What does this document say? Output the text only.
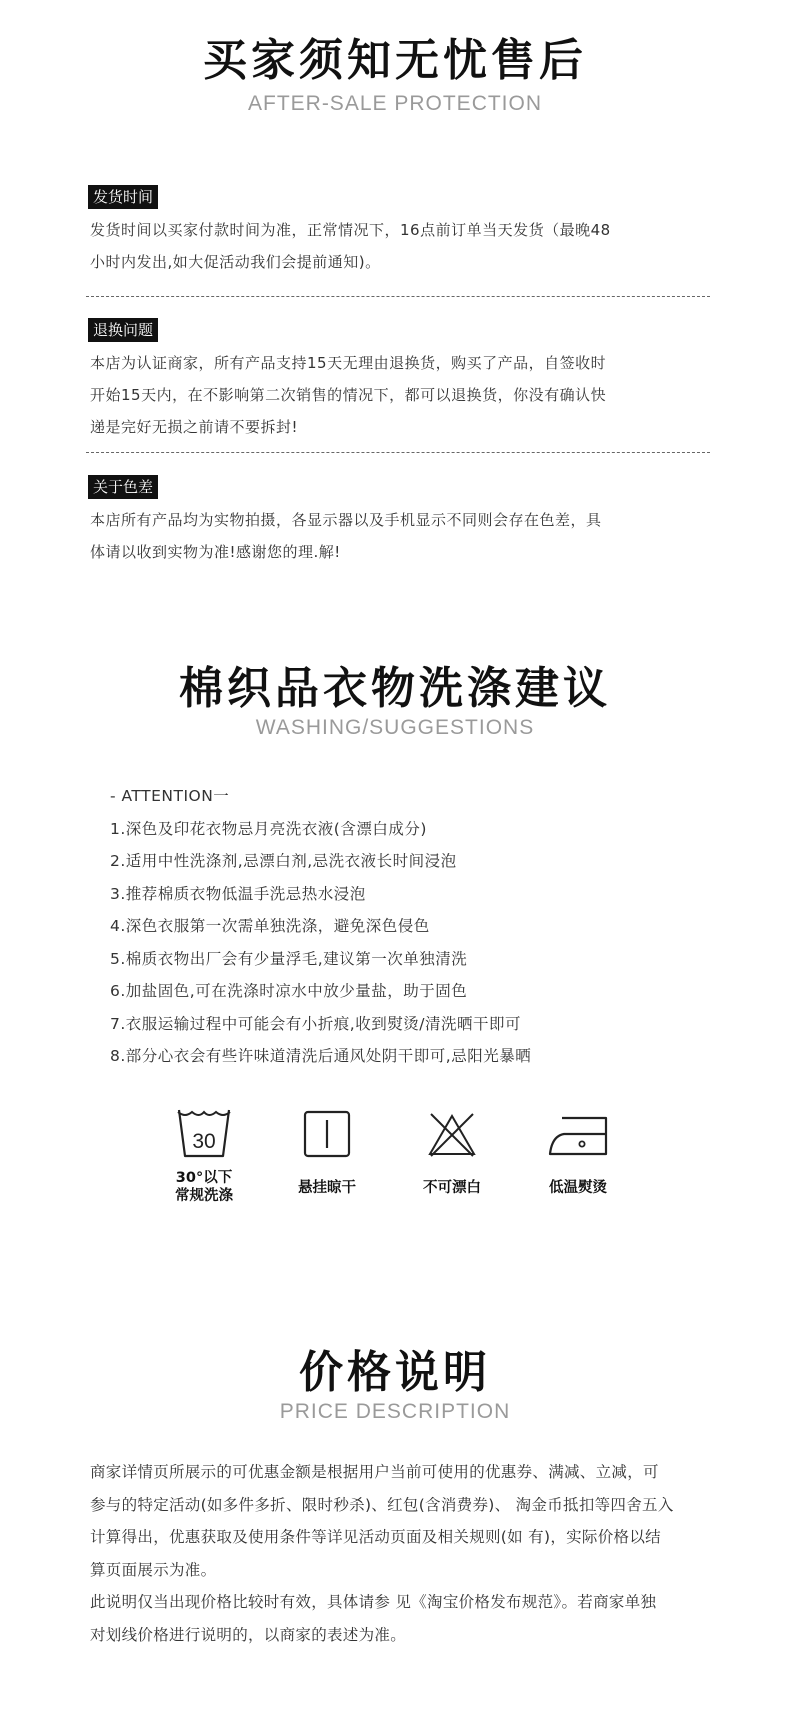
买家须知无忧售后
AFTER-SALE PROTECTION
发货时间
发货时间以买家付款时间为准，正常情况下，16点前订单当天发货（最晚48
小时内发出,如大促活动我们会提前通知)。
退换问题
本店为认证商家，所有产品支持15天无理由退换货，购买了产品，自签收时
开始15天内，在不影响第二次销售的情况下，都可以退换货，你没有确认快
递是完好无损之前请不要拆封!
关于色差
本店所有产品均为实物拍摄，各显示器以及手机显示不同则会存在色差，具
体请以收到实物为准!感谢您的理.解!
棉织品衣物洗涤建议
WASHING/SUGGESTIONS
- ATTENTION一
1.深色及印花衣物忌月亮洗衣液(含漂白成分)
2.适用中性洗涤剂,忌漂白剂,忌洗衣液长时间浸泡
3.推荐棉质衣物低温手洗忌热水浸泡
4.深色衣服第一次需单独洗涤，避免深色侵色
5.棉质衣物出厂会有少量浮毛,建议第一次单独清洗
6.加盐固色,可在洗涤时凉水中放少量盐，助于固色
7.衣服运输过程中可能会有小折痕,收到熨烫/清洗晒干即可
8.部分心衣会有些许味道清洗后通风处阴干即可,忌阳光暴晒
30
30°以下
常规洗涤	悬挂晾干	不可漂白	低温熨烫
价格说明
PRICE DESCRIPTION
商家详情页所展示的可优惠金额是根据用户当前可使用的优惠券、满减、立减，可
参与的特定活动(如多件多折、限时秒杀)、红包(含消费券)、 淘金币抵扣等四舍五入
计算得出，优惠获取及使用条件等详见活动页面及相关规则(如 有)，实际价格以结
算页面展示为准。
此说明仅当出现价格比较时有效，具体请参 见《淘宝价格发布规范》。若商家单独
对划线价格进行说明的，以商家的表述为准。
